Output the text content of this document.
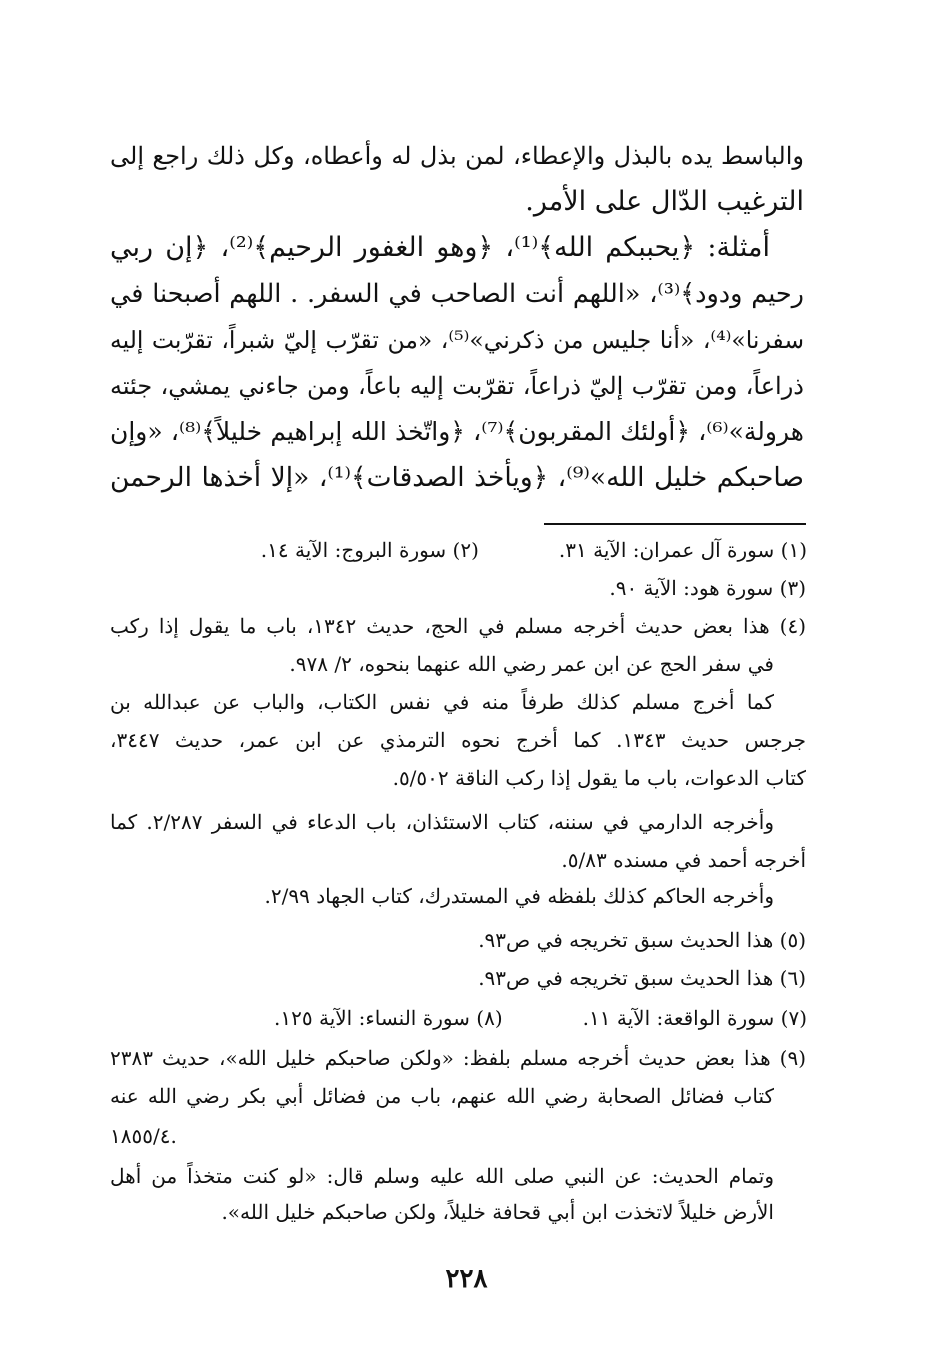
والباسط يده بالبذل والإعطاء، لمن بذل له وأعطاه، وكل ذلك راجع إلى
الترغيب الدّال على الأمر.
أمثلة: ﴿يحببكم الله﴾⁽¹⁾، ﴿وهو الغفور الرحيم﴾⁽²⁾، ﴿إن ربي
رحيم ودود﴾⁽³⁾، «اللهم أنت الصاحب في السفر. . اللهم أصبحنا في
سفرنا»⁽⁴⁾، «أنا جليس من ذكرني»⁽⁵⁾، «من تقرّب إليّ شبراً، تقرّبت إليه
ذراعاً، ومن تقرّب إليّ ذراعاً، تقرّبت إليه باعاً، ومن جاءني يمشي، جئته
هرولة»⁽⁶⁾، ﴿أولئك المقربون﴾⁽⁷⁾، ﴿واتّخذ الله إبراهيم خليلاً﴾⁽⁸⁾، «وإن
صاحبكم خليل الله»⁽⁹⁾، ﴿ويأخذ الصدقات﴾⁽¹⁾، «إلا أخذها الرحمن
(١) سورة آل عمران: الآية ٣١.
(٢) سورة البروج: الآية ١٤.
(٣) سورة هود: الآية ٩٠.
(٤) هذا بعض حديث أخرجه مسلم في الحج، حديث ١٣٤٢، باب ما يقول إذا ركب
في سفر الحج عن ابن عمر رضي الله عنهما بنحوه، ٢/ ٩٧٨.
كما أخرج مسلم كذلك طرفاً منه في نفس الكتاب، والباب عن عبدالله بن
جرجس حديث ١٣٤٣. كما أخرج نحوه الترمذي عن ابن عمر، حديث ٣٤٤٧،
كتاب الدعوات، باب ما يقول إذا ركب الناقة ٥/٥٠٢.
وأخرجه الدارمي في سننه، كتاب الاستئذان، باب الدعاء في السفر ٢/٢٨٧. كما
أخرجه أحمد في مسنده ٥/٨٣.
وأخرجه الحاكم كذلك بلفظه في المستدرك، كتاب الجهاد ٢/٩٩.
(٥) هذا الحديث سبق تخريجه في ص٩٣.
(٦) هذا الحديث سبق تخريجه في ص٩٣.
(٧) سورة الواقعة: الآية ١١.
(٨) سورة النساء: الآية ١٢٥.
(٩) هذا بعض حديث أخرجه مسلم بلفظ: «ولكن صاحبكم خليل الله»، حديث ٢٣٨٣
كتاب فضائل الصحابة رضي الله عنهم، باب من فضائل أبي بكر رضي الله عنه
١٨٥٥/٤.
وتمام الحديث: عن النبي صلى الله عليه وسلم قال: «لو كنت متخذاً من أهل
الأرض خليلاً لاتخذت ابن أبي قحافة خليلاً، ولكن صاحبكم خليل الله».
٢٢٨
